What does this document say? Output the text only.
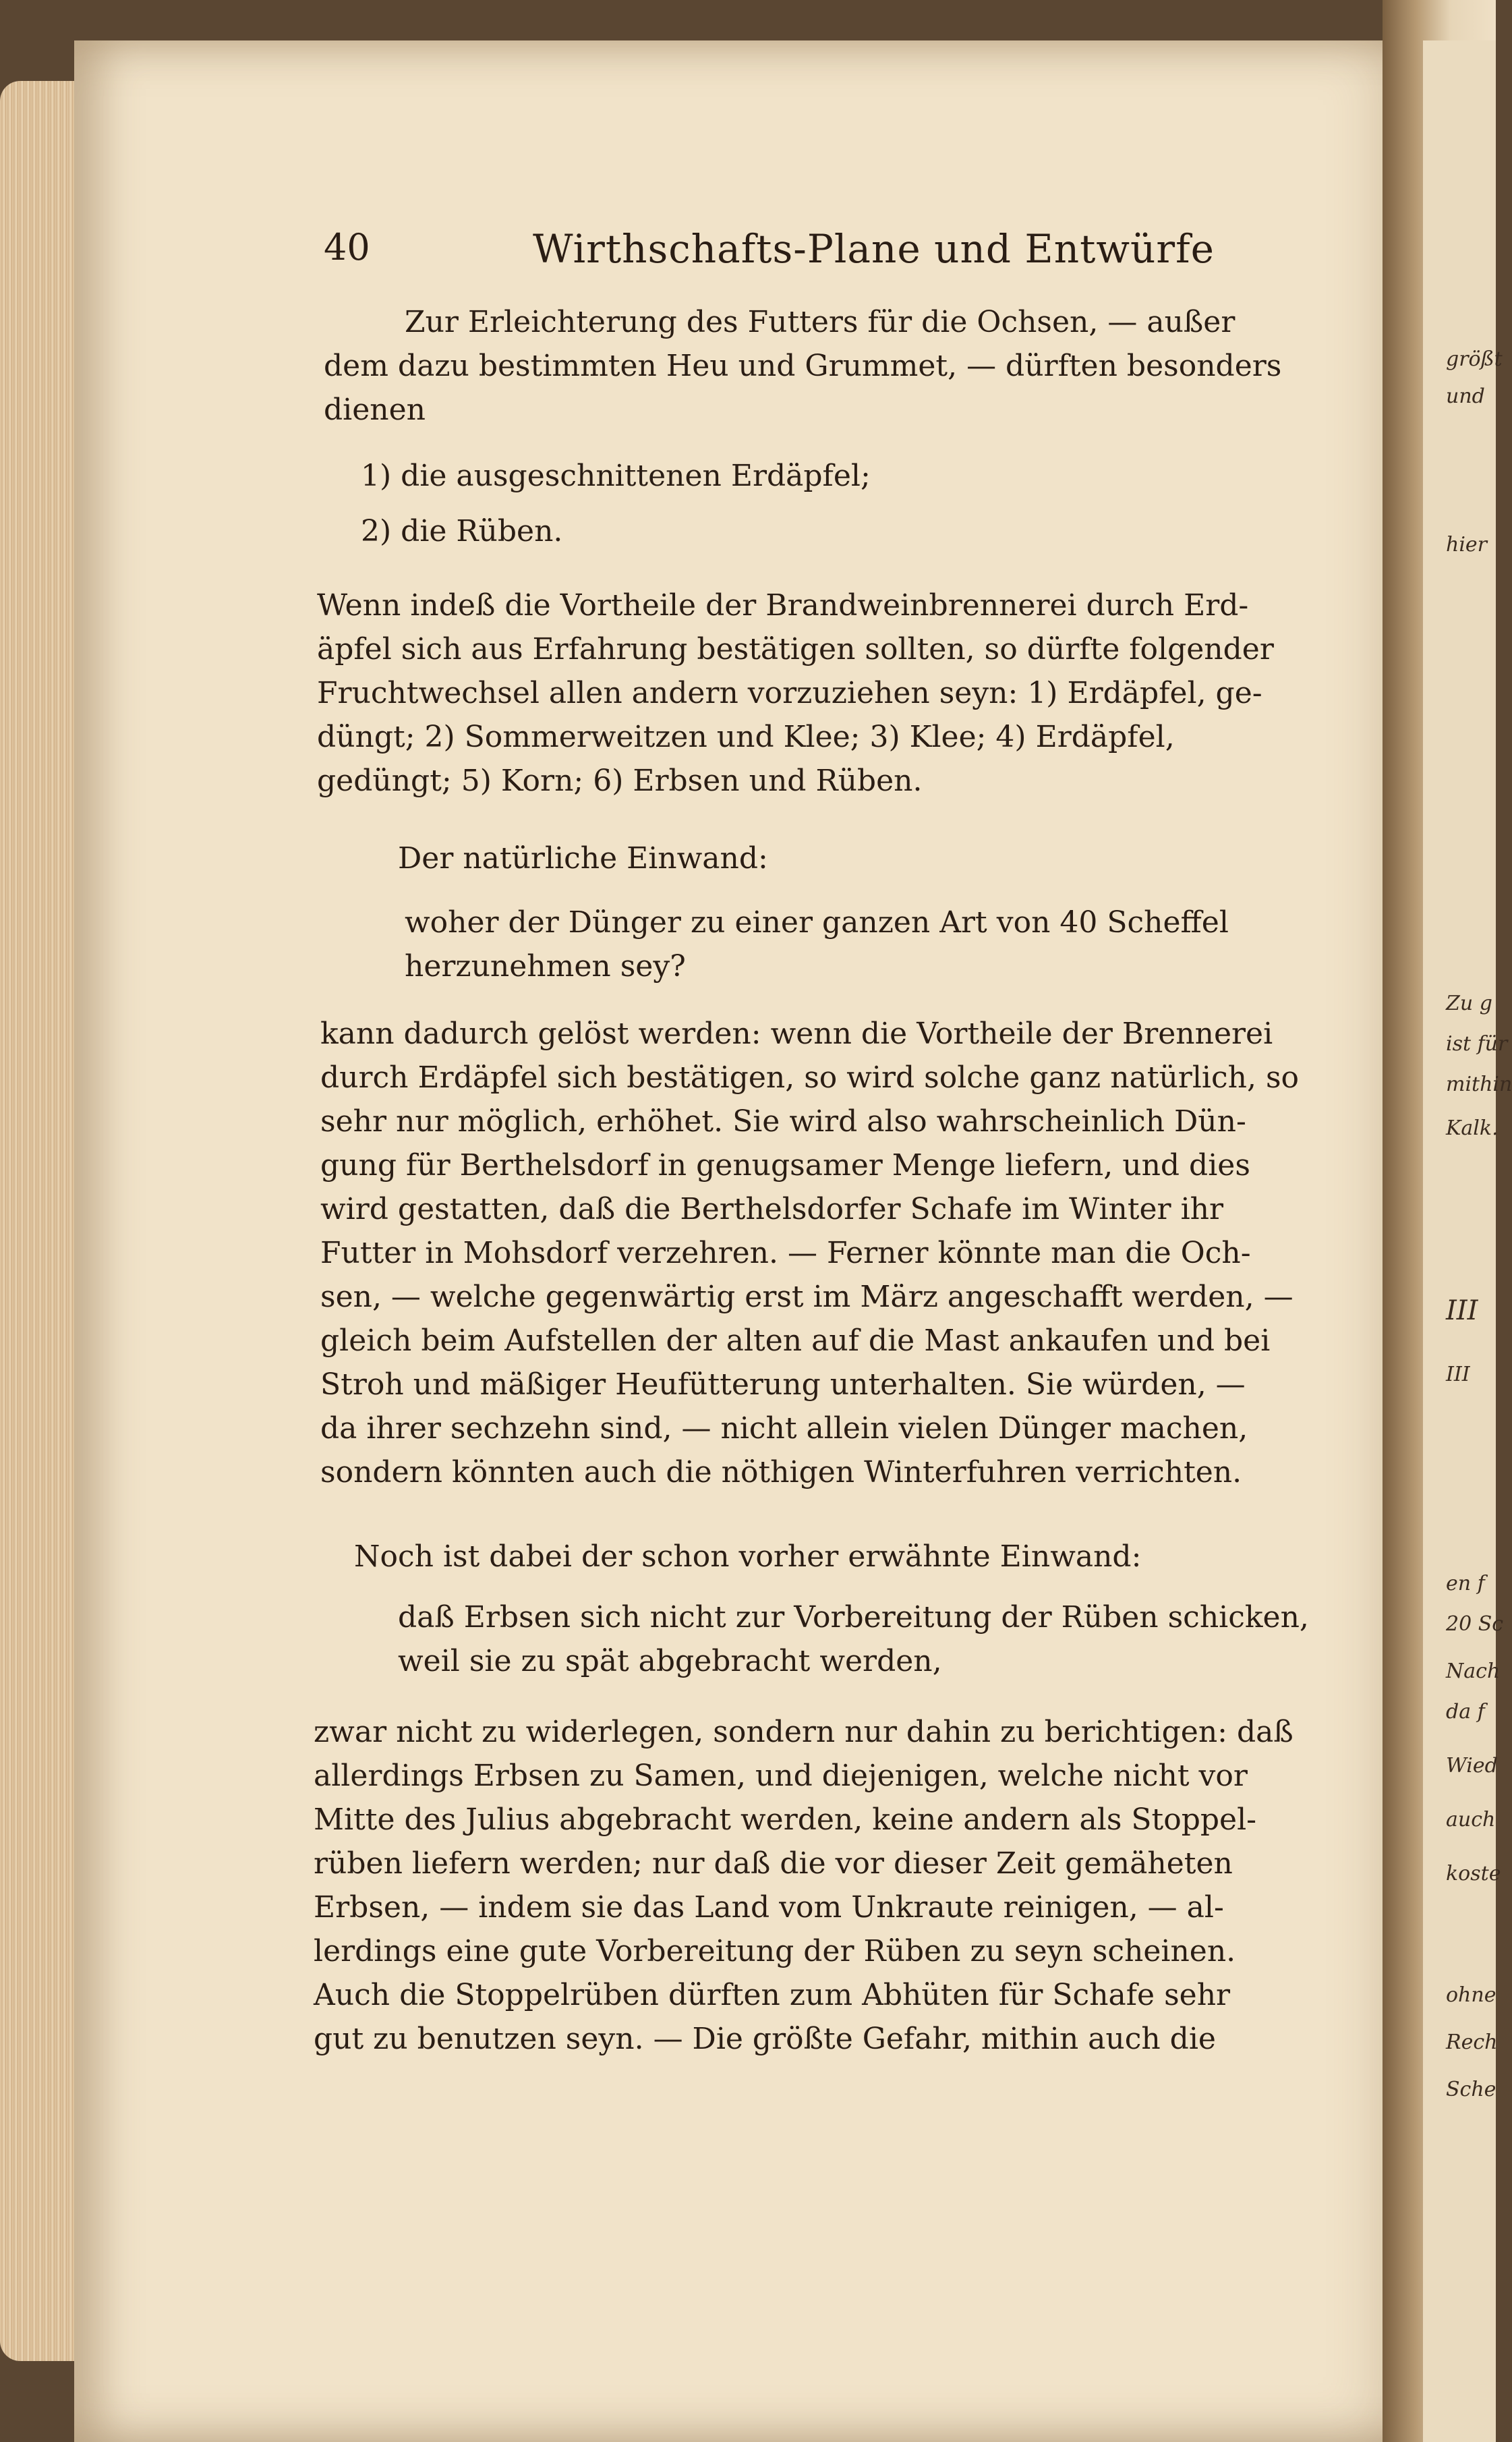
größt
und
hier
Zu g
ist für
mithin
Kalk.
III
III
en f
20 Sc
Nach
da f
Wied
auch
koste
ohne
Rech
Sche
40	Wirthschafts-Plane und Entwürfe
Zur Erleichterung des Futters für die Ochsen, — außer
dem dazu bestimmten Heu und Grummet, — dürften besonders
dienen
1) die ausgeschnittenen Erdäpfel;
2) die Rüben.
Wenn indeß die Vortheile der Brandweinbrennerei durch Erd-
äpfel sich aus Erfahrung bestätigen sollten, so dürfte folgender
Fruchtwechsel allen andern vorzuziehen seyn: 1) Erdäpfel, ge-
düngt; 2) Sommerweitzen und Klee; 3) Klee; 4) Erdäpfel,
gedüngt; 5) Korn; 6) Erbsen und Rüben.
Der natürliche Einwand:
woher der Dünger zu einer ganzen Art von 40 Scheffel
herzunehmen sey?
kann dadurch gelöst werden: wenn die Vortheile der Brennerei
durch Erdäpfel sich bestätigen, so wird solche ganz natürlich, so
sehr nur möglich, erhöhet. Sie wird also wahrscheinlich Dün-
gung für Berthelsdorf in genugsamer Menge liefern, und dies
wird gestatten, daß die Berthelsdorfer Schafe im Winter ihr
Futter in Mohsdorf verzehren. — Ferner könnte man die Och-
sen, — welche gegenwärtig erst im März angeschafft werden, —
gleich beim Aufstellen der alten auf die Mast ankaufen und bei
Stroh und mäßiger Heufütterung unterhalten. Sie würden, —
da ihrer sechzehn sind, — nicht allein vielen Dünger machen,
sondern könnten auch die nöthigen Winterfuhren verrichten.
Noch ist dabei der schon vorher erwähnte Einwand:
daß Erbsen sich nicht zur Vorbereitung der Rüben schicken,
weil sie zu spät abgebracht werden,
zwar nicht zu widerlegen, sondern nur dahin zu berichtigen: daß
allerdings Erbsen zu Samen, und diejenigen, welche nicht vor
Mitte des Julius abgebracht werden, keine andern als Stoppel-
rüben liefern werden; nur daß die vor dieser Zeit gemäheten
Erbsen, — indem sie das Land vom Unkraute reinigen, — al-
lerdings eine gute Vorbereitung der Rüben zu seyn scheinen.
Auch die Stoppelrüben dürften zum Abhüten für Schafe sehr
gut zu benutzen seyn. — Die größte Gefahr, mithin auch die
